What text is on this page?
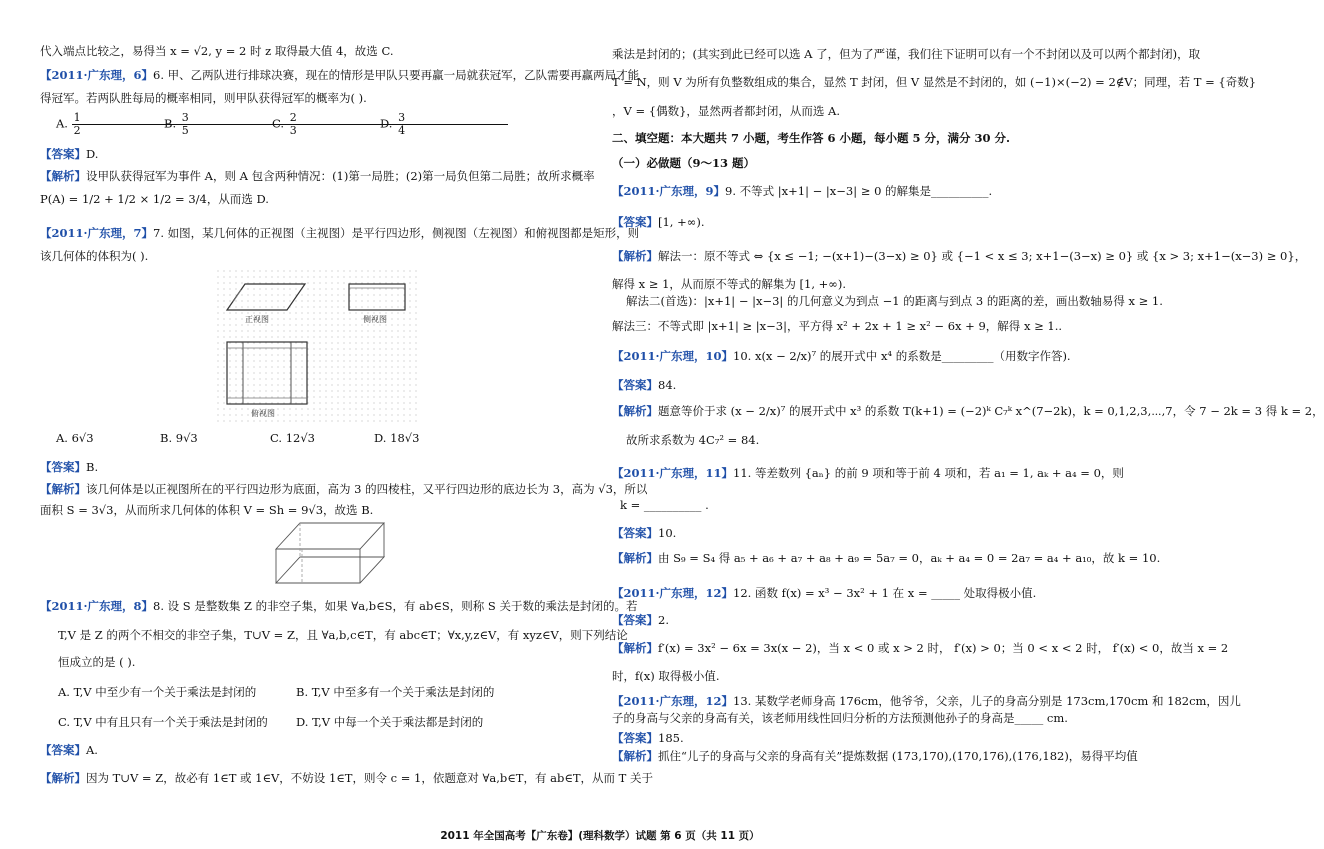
代入端点比较之，易得当 x = √2, y = 2 时 z 取得最大值 4，故选 C.
【2011·广东理，6】6. 甲、乙两队进行排球决赛，现在的情形是甲队只要再赢一局就获冠军，乙队需要再赢两局才能
得冠军。若两队胜每局的概率相同，则甲队获得冠军的概率为( ).
A. $\frac{1}{2}$
B. $\frac{3}{5}$
C. $\frac{2}{3}$
D. $\frac{3}{4}$
【答案】D.
【解析】设甲队获得冠军为事件 A，则 A 包含两种情况：(1)第一局胜；(2)第一局负但第二局胜；故所求概率
P(A) = 1/2 + 1/2 × 1/2 = 3/4，从而选 D.
【2011·广东理，7】7. 如图，某几何体的正视图（主视图）是平行四边形，侧视图（左视图）和俯视图都是矩形，则
该几何体的体积为( ).
正视图	侧视图
俯视图
A. 6√3	B. 9√3	C. 12√3	D. 18√3
【答案】B.
【解析】该几何体是以正视图所在的平行四边形为底面，高为 3 的四棱柱，又平行四边形的底边长为 3，高为 √3，所以
面积 S = 3√3，从而所求几何体的体积 V = Sh = 9√3，故选 B.
【2011·广东理，8】8. 设 S 是整数集 Z 的非空子集，如果 ∀a,b∈S，有 ab∈S，则称 S 关于数的乘法是封闭的。若
T,V 是 Z 的两个不相交的非空子集，T∪V = Z，且 ∀a,b,c∈T，有 abc∈T；∀x,y,z∈V，有 xyz∈V，则下列结论
恒成立的是 ( ).
A. T,V 中至少有一个关于乘法是封闭的	B. T,V 中至多有一个关于乘法是封闭的
C. T,V 中有且只有一个关于乘法是封闭的 D. T,V 中每一个关于乘法都是封闭的
【答案】A.
【解析】因为 T∪V = Z，故必有 1∈T 或 1∈V，不妨设 1∈T，则令 c = 1，依题意对 ∀a,b∈T，有 ab∈T，从而 T 关于
乘法是封闭的；(其实到此已经可以选 A 了，但为了严谨，我们往下证明可以有一个不封闭以及可以两个都封闭)，取
T = N，则 V 为所有负整数组成的集合，显然 T 封闭，但 V 显然是不封闭的，如 (−1)×(−2) = 2∉V；同理，若 T = {奇数}
，V = {偶数}，显然两者都封闭，从而选 A.
二、填空题：本大题共 7 小题，考生作答 6 小题，每小题 5 分，满分 30 分.
（一）必做题（9～13 题）
【2011·广东理，9】9. 不等式 |x+1| − |x−3| ≥ 0 的解集是__________.
【答案】[1, +∞).
【解析】解法一：原不等式 ⇔ {x ≤ −1; −(x+1)−(3−x) ≥ 0} 或 {−1 < x ≤ 3; x+1−(3−x) ≥ 0} 或 {x > 3; x+1−(x−3) ≥ 0}，
解得 x ≥ 1，从而原不等式的解集为 [1, +∞).
解法二(首选)：|x+1| − |x−3| 的几何意义为到点 −1 的距离与到点 3 的距离的差，画出数轴易得 x ≥ 1.
解法三：不等式即 |x+1| ≥ |x−3|，平方得 x² + 2x + 1 ≥ x² − 6x + 9，解得 x ≥ 1..
【2011·广东理，10】10. x(x − 2/x)⁷ 的展开式中 x⁴ 的系数是_________（用数字作答).
【答案】84.
【解析】题意等价于求 (x − 2/x)⁷ 的展开式中 x³ 的系数 T(k+1) = (−2)ᵏ C₇ᵏ x^(7−2k)，k = 0,1,2,3,⋯,7，令 7 − 2k = 3 得 k = 2，
故所求系数为 4C₇² = 84.
【2011·广东理，11】11. 等差数列 {aₙ} 的前 9 项和等于前 4 项和，若 a₁ = 1, aₖ + a₄ = 0，则
k = __________ .
【答案】10.
【解析】由 S₉ = S₄ 得 a₅ + a₆ + a₇ + a₈ + a₉ = 5a₇ = 0，aₖ + a₄ = 0 = 2a₇ = a₄ + a₁₀，故 k = 10.
【2011·广东理，12】12. 函数 f(x) = x³ − 3x² + 1 在 x = _____ 处取得极小值.
【答案】2.
【解析】f′(x) = 3x² − 6x = 3x(x − 2)，当 x < 0 或 x > 2 时， f′(x) > 0；当 0 < x < 2 时， f′(x) < 0，故当 x = 2
时，f(x) 取得极小值.
【2011·广东理，12】13. 某数学老师身高 176cm，他爷爷，父亲，儿子的身高分别是 173cm,170cm 和 182cm，因儿
子的身高与父亲的身高有关，该老师用线性回归分析的方法预测他孙子的身高是_____ cm.
【答案】185.
【解析】抓住“儿子的身高与父亲的身高有关”提炼数据 (173,170),(170,176),(176,182)，易得平均值
2011 年全国高考【广东卷】(理科数学）试题 第 6 页（共 11 页）
